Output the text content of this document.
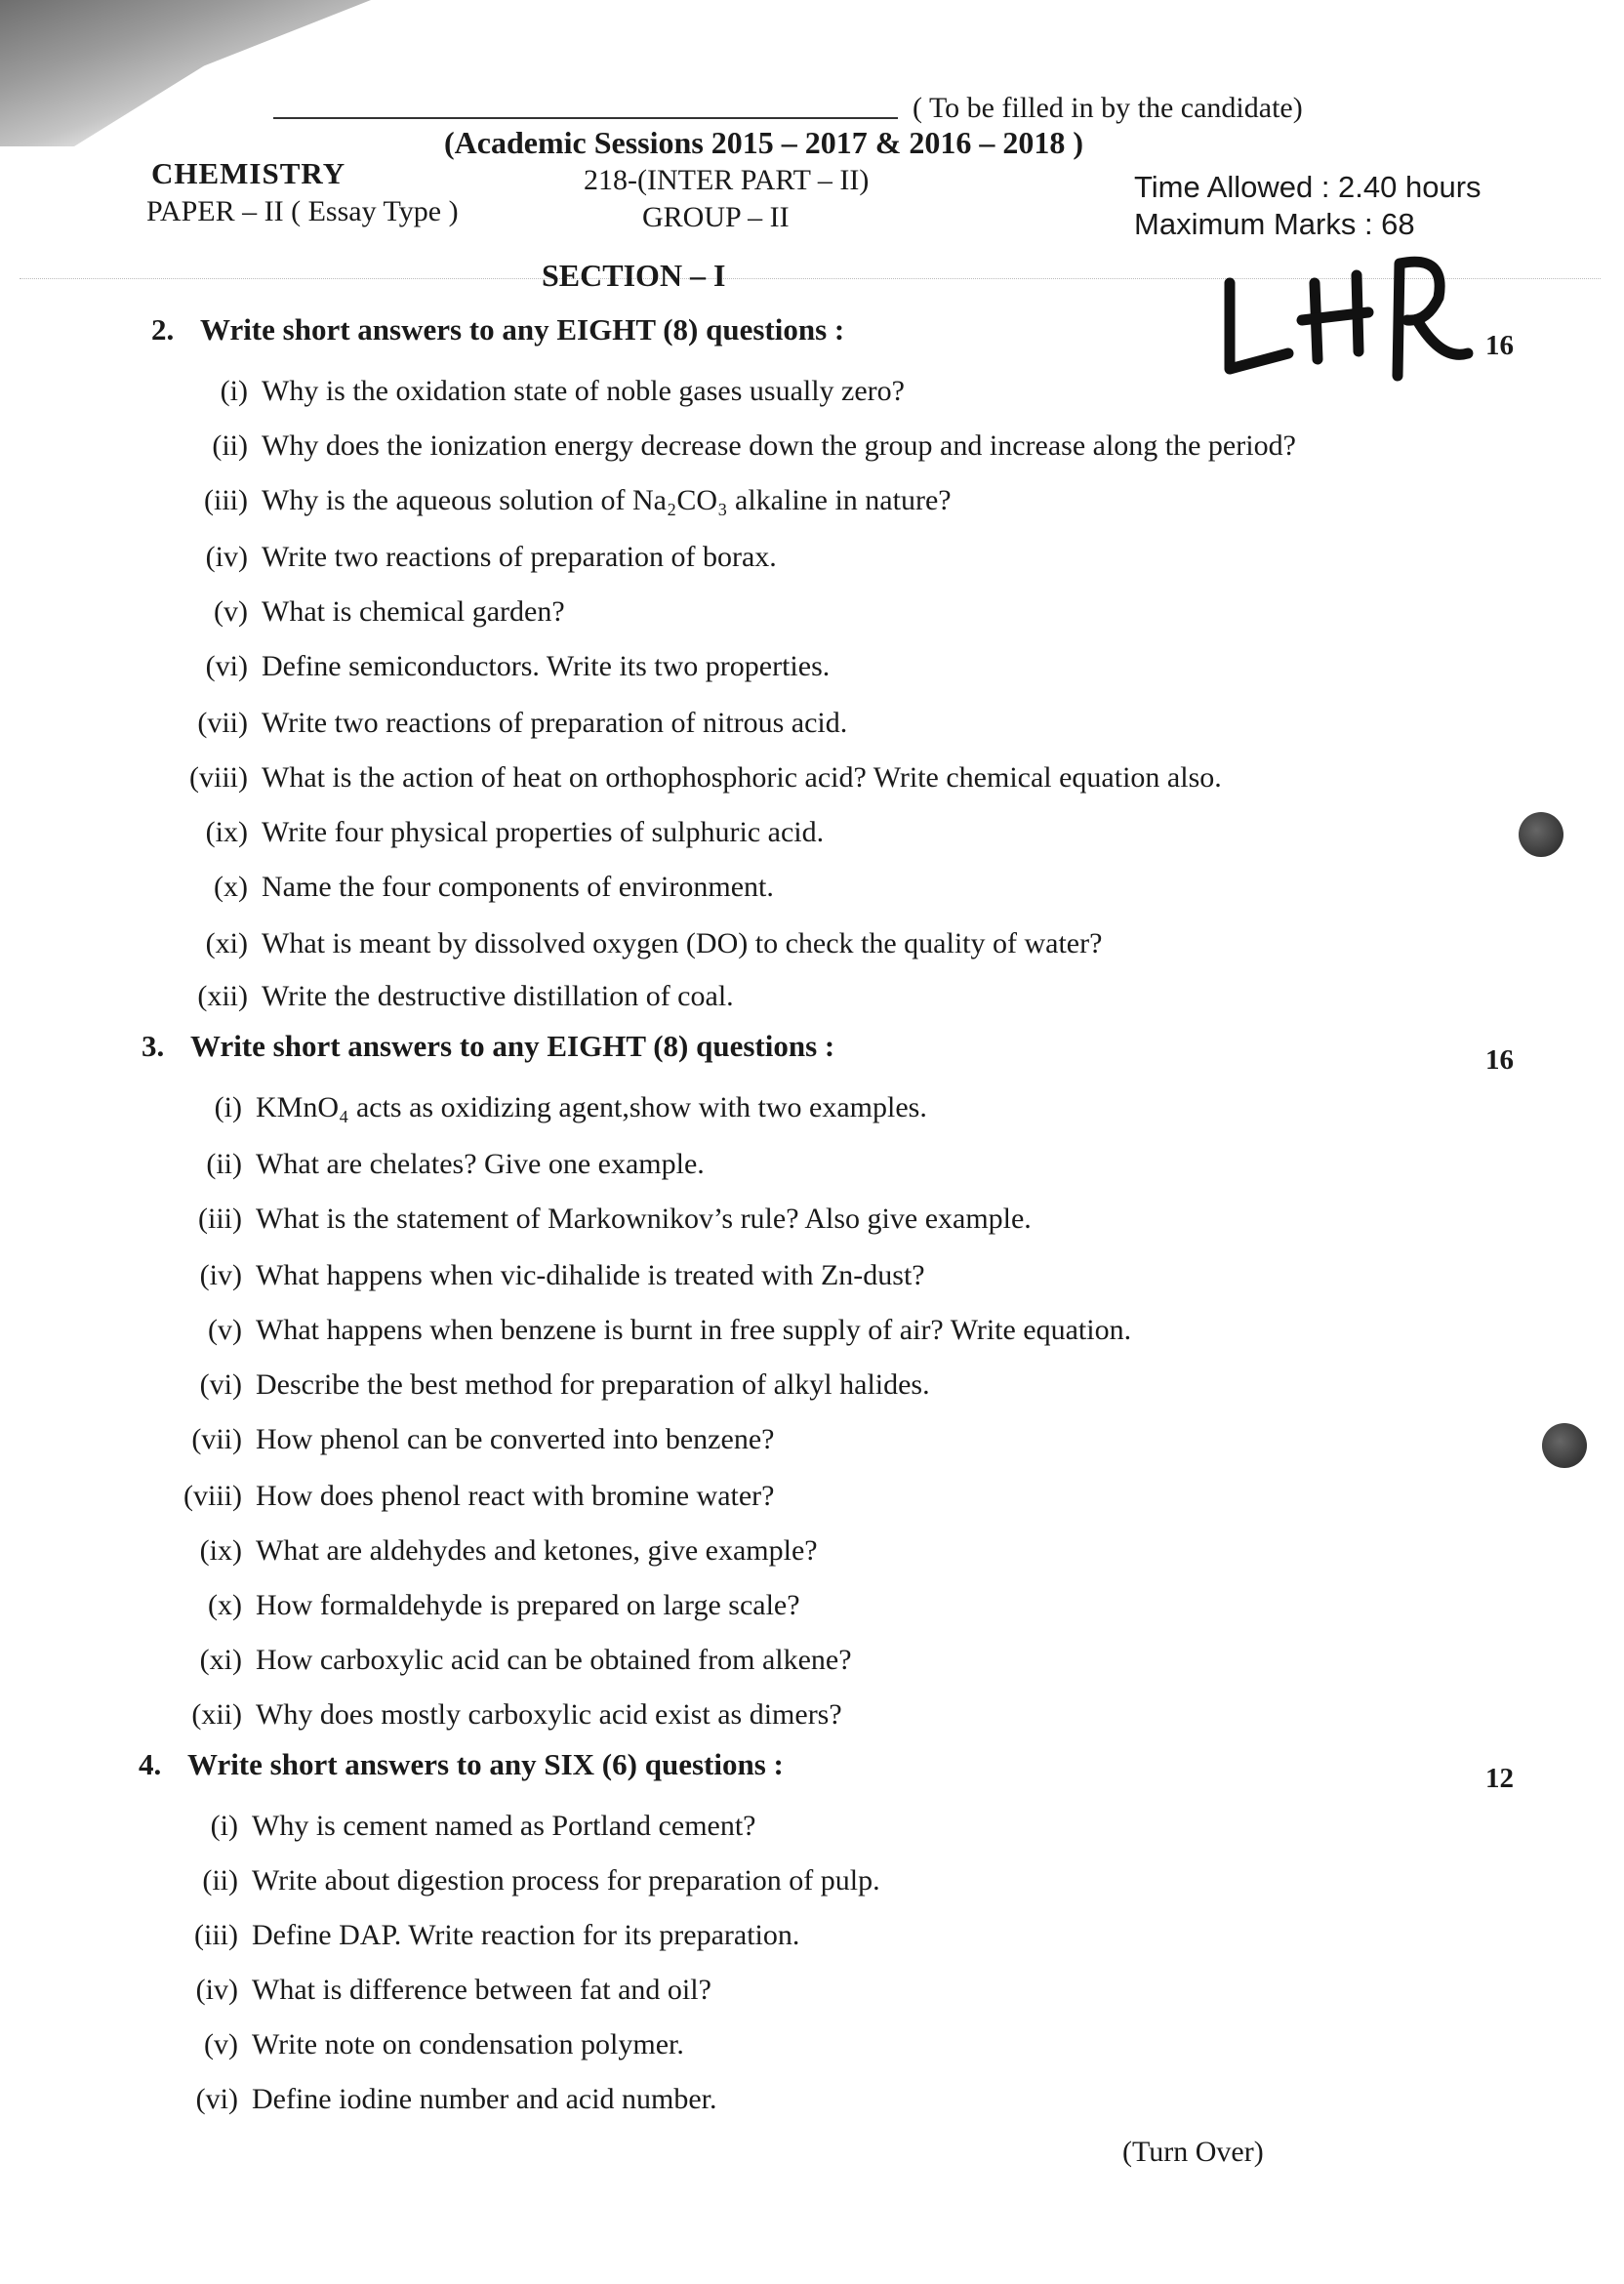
( To be filled in by the candidate)
(Academic Sessions 2015 – 2017 & 2016 – 2018 )
CHEMISTRY
PAPER – II ( Essay Type )
218-(INTER PART – II)
GROUP – II
Time Allowed : 2.40 hours
Maximum Marks : 68
SECTION – I
2. Write short answers to any EIGHT (8) questions :	16
(i) Why is the oxidation state of noble gases usually zero?
(ii) Why does the ionization energy decrease down the group and increase along the period?
(iii) Why is the aqueous solution of Na₂CO₃ alkaline in nature?
(iv) Write two reactions of preparation of borax.
(v) What is chemical garden?
(vi) Define semiconductors. Write its two properties.
(vii) Write two reactions of preparation of nitrous acid.
(viii) What is the action of heat on orthophosphoric acid? Write chemical equation also.
(ix) Write four physical properties of sulphuric acid.
(x) Name the four components of environment.
(xi) What is meant by dissolved oxygen (DO) to check the quality of water?
(xii) Write the destructive distillation of coal.
3. Write short answers to any EIGHT (8) questions :	16
(i) KMnO₄ acts as oxidizing agent,show with two examples.
(ii) What are chelates? Give one example.
(iii) What is the statement of Markownikov’s rule? Also give example.
(iv) What happens when vic-dihalide is treated with Zn-dust?
(v) What happens when benzene is burnt in free supply of air? Write equation.
(vi) Describe the best method for preparation of alkyl halides.
(vii) How phenol can be converted into benzene?
(viii) How does phenol react with bromine water?
(ix) What are aldehydes and ketones, give example?
(x) How formaldehyde is prepared on large scale?
(xi) How carboxylic acid can be obtained from alkene?
(xii) Why does mostly carboxylic acid exist as dimers?
4. Write short answers to any SIX (6) questions :	12
(i) Why is cement named as Portland cement?
(ii) Write about digestion process for preparation of pulp.
(iii) Define DAP. Write reaction for its preparation.
(iv) What is difference between fat and oil?
(v) Write note on condensation polymer.
(vi) Define iodine number and acid number.
(Turn Over)
